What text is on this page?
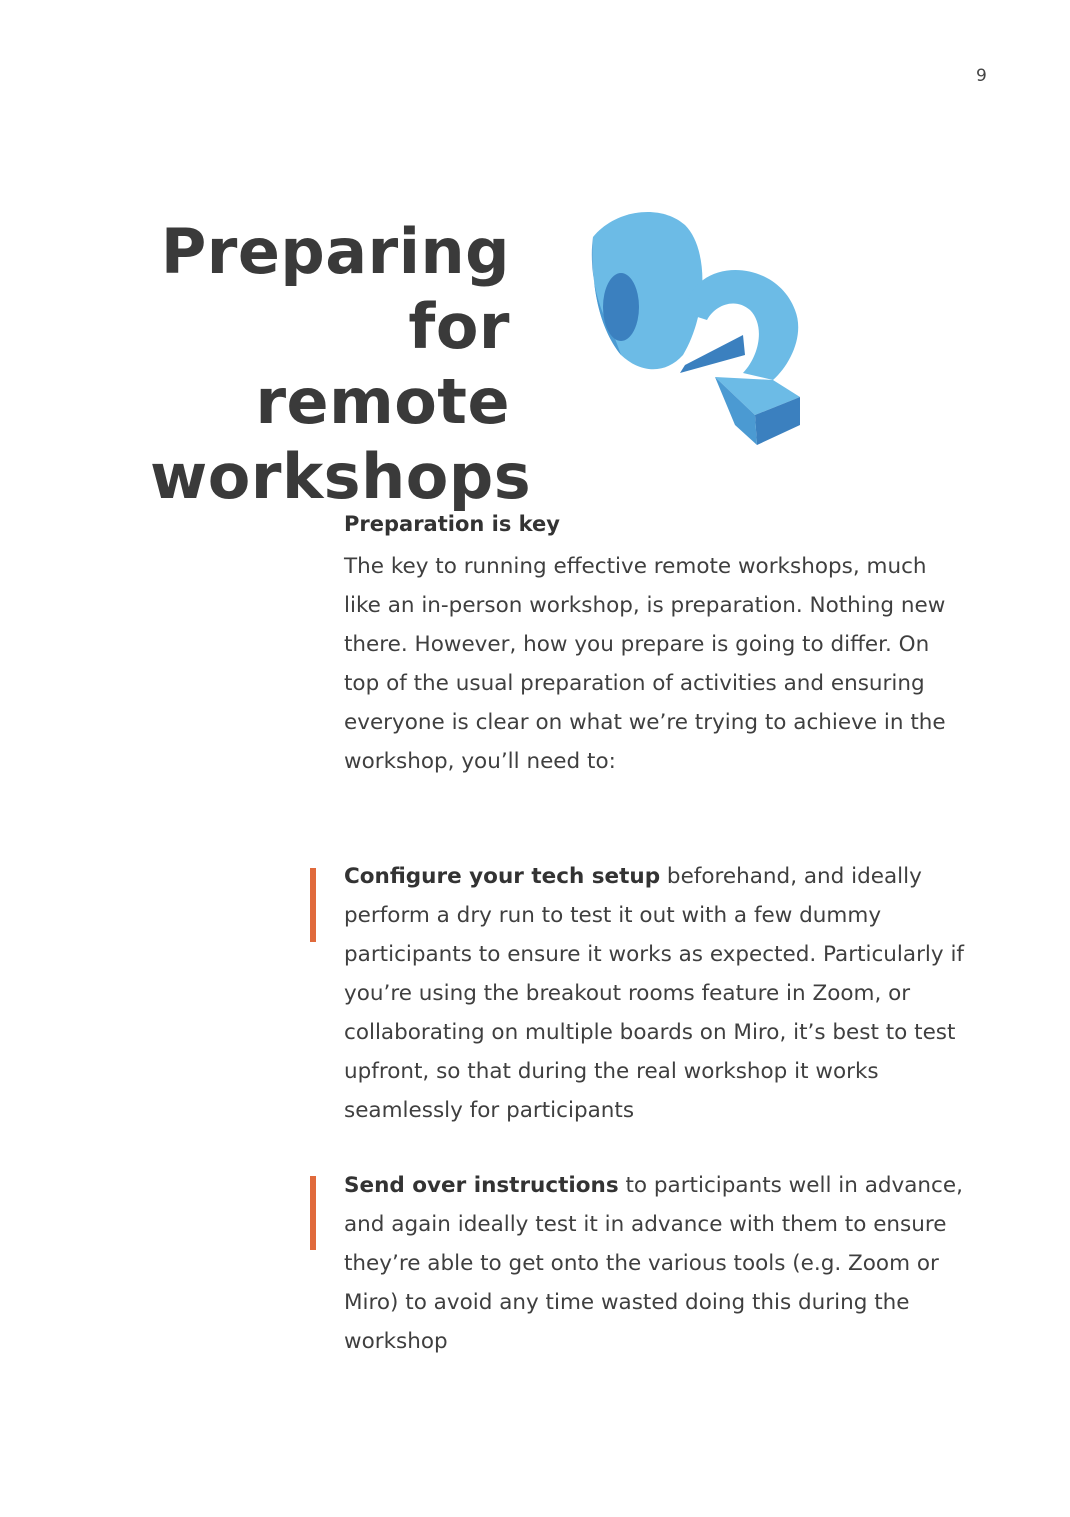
9
Preparing
for remote
workshops
Preparation is key

The key to running effective remote workshops, much like an in-person workshop, is preparation. Nothing new there. However, how you prepare is going to differ. On top of the usual preparation of activities and ensuring everyone is clear on what we’re trying to achieve in the workshop, you’ll need to:

Configure your tech setup beforehand, and ideally perform a dry run to test it out with a few dummy participants to ensure it works as expected. Particularly if you’re using the breakout rooms feature in Zoom, or collaborating on multiple boards on Miro, it’s best to test upfront, so that during the real workshop it works seamlessly for participants

Send over instructions to participants well in advance, and again ideally test it in advance with them to ensure they’re able to get onto the various tools (e.g. Zoom or Miro) to avoid any time wasted doing this during the workshop
